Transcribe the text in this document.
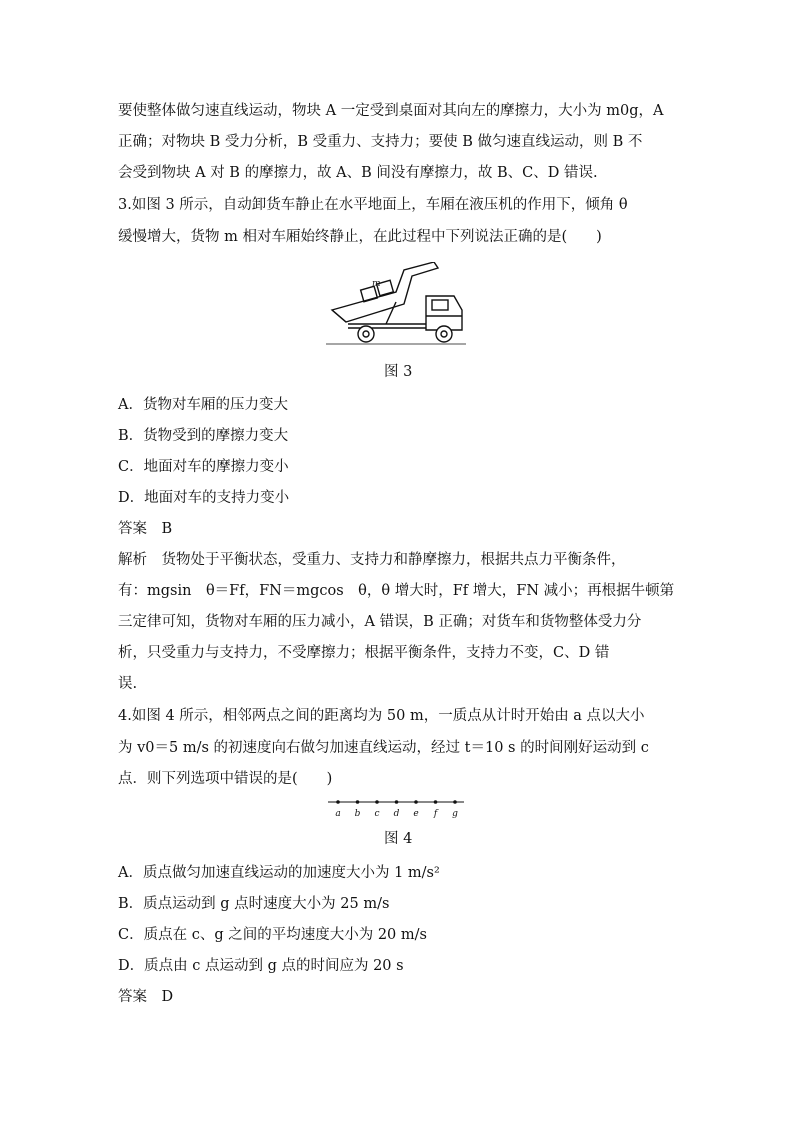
要使整体做匀速直线运动，物块 A 一定受到桌面对其向左的摩擦力，大小为 m0g，A
正确；对物块 B 受力分析，B 受重力、支持力；要使 B 做匀速直线运动，则 B 不
会受到物块 A 对 B 的摩擦力，故 A、B 间没有摩擦力，故 B、C、D 错误.
3.如图 3 所示，自动卸货车静止在水平地面上，车厢在液压机的作用下，倾角 θ
缓慢增大，货物 m 相对车厢始终静止，在此过程中下列说法正确的是(　　)
m
图 3
A．货物对车厢的压力变大
B．货物受到的摩擦力变大
C．地面对车的摩擦力变小
D．地面对车的支持力变小
答案　B
解析　货物处于平衡状态，受重力、支持力和静摩擦力，根据共点力平衡条件，
有：mgsin　θ＝Ff，FN＝mgcos　θ，θ 增大时，Ff 增大，FN 减小；再根据牛顿第
三定律可知，货物对车厢的压力减小，A 错误，B 正确；对货车和货物整体受力分
析，只受重力与支持力，不受摩擦力；根据平衡条件，支持力不变，C、D 错
误.
4.如图 4 所示，相邻两点之间的距离均为 50 m，一质点从计时开始由 a 点以大小
为 v0＝5 m/s 的初速度向右做匀加速直线运动，经过 t＝10 s 的时间刚好运动到 c
点．则下列选项中错误的是(　　)
a b c d e f g
图 4
A．质点做匀加速直线运动的加速度大小为 1 m/s²
B．质点运动到 g 点时速度大小为 25 m/s
C．质点在 c、g 之间的平均速度大小为 20 m/s
D．质点由 c 点运动到 g 点的时间应为 20 s
答案　D
